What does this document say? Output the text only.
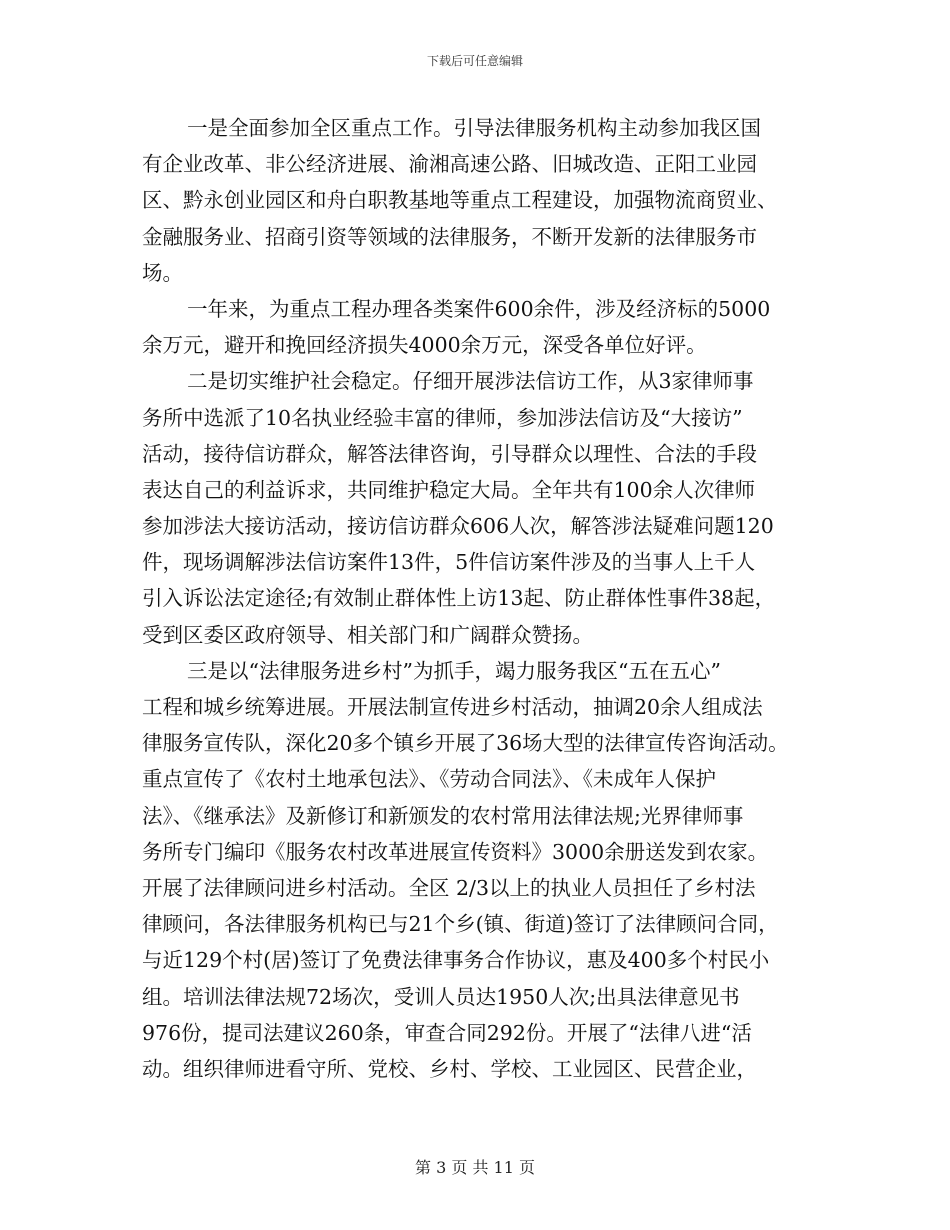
下载后可任意编辑
一是全面参加全区重点工作。引导法律服务机构主动参加我区国
有企业改革、非公经济进展、渝湘高速公路、旧城改造、正阳工业园
区、黔永创业园区和舟白职教基地等重点工程建设，加强物流商贸业、
金融服务业、招商引资等领域的法律服务，不断开发新的法律服务市
场。
一年来，为重点工程办理各类案件600余件，涉及经济标的5000
余万元，避开和挽回经济损失4000余万元，深受各单位好评。
二是切实维护社会稳定。仔细开展涉法信访工作，从3家律师事
务所中选派了10名执业经验丰富的律师，参加涉法信访及“大接访”
活动，接待信访群众，解答法律咨询，引导群众以理性、合法的手段
表达自己的利益诉求，共同维护稳定大局。全年共有100余人次律师
参加涉法大接访活动，接访信访群众606人次，解答涉法疑难问题120
件，现场调解涉法信访案件13件，5件信访案件涉及的当事人上千人
引入诉讼法定途径;有效制止群体性上访13起、防止群体性事件38起，
受到区委区政府领导、相关部门和广阔群众赞扬。
三是以“法律服务进乡村”为抓手，竭力服务我区“五在五心”
工程和城乡统筹进展。开展法制宣传进乡村活动，抽调20余人组成法
律服务宣传队，深化20多个镇乡开展了36场大型的法律宣传咨询活动。
重点宣传了《农村土地承包法》、《劳动合同法》、《未成年人保护
法》、《继承法》及新修订和新颁发的农村常用法律法规;光界律师事
务所专门编印《服务农村改革进展宣传资料》3000余册送发到农家。
开展了法律顾问进乡村活动。全区 2/3以上的执业人员担任了乡村法
律顾问，各法律服务机构已与21个乡(镇、街道)签订了法律顾问合同，
与近129个村(居)签订了免费法律事务合作协议，惠及400多个村民小
组。培训法律法规72场次，受训人员达1950人次;出具法律意见书
976份，提司法建议260条，审查合同292份。开展了“法律八进“活
动。组织律师进看守所、党校、乡村、学校、工业园区、民营企业，
第 3 页 共 11 页
